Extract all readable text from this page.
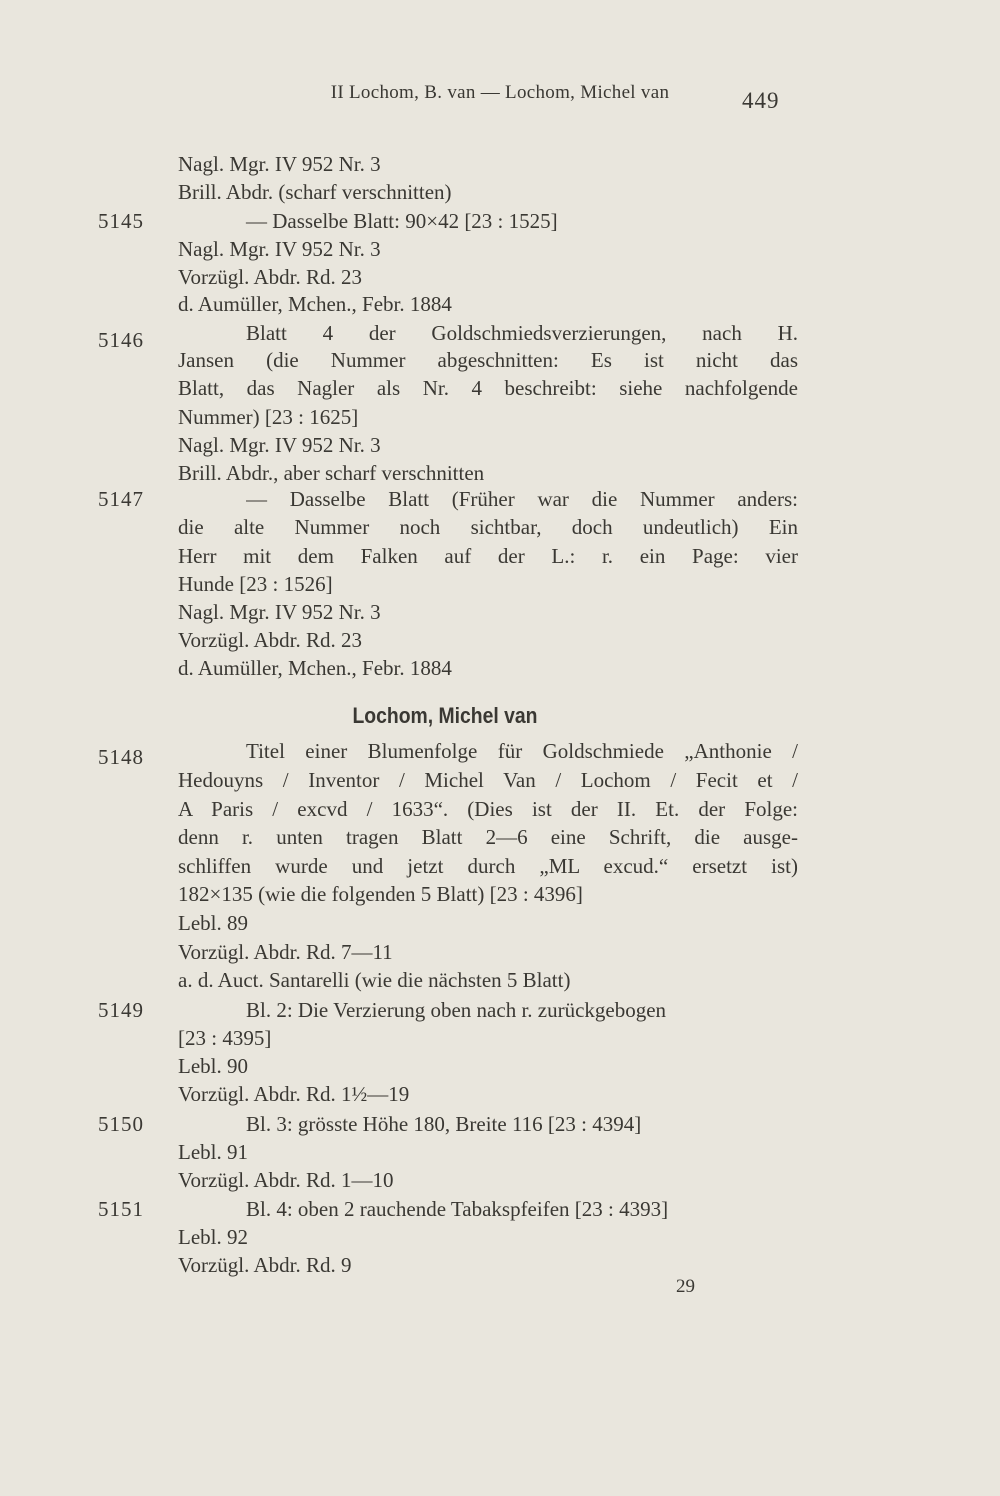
II Lochom, B. van — Lochom, Michel van	449
5145
5146
5147
5148
5149
5150
5151
Nagl. Mgr. IV 952 Nr. 3
Brill. Abdr. (scharf verschnitten)
— Dasselbe Blatt: 90×42 [23 : 1525]
Nagl. Mgr. IV 952 Nr. 3
Vorzügl. Abdr. Rd. 23
d. Aumüller, Mchen., Febr. 1884
Blatt 4 der Goldschmiedsverzierungen, nach H.
Jansen (die Nummer abgeschnitten: Es ist nicht das
Blatt, das Nagler als Nr. 4 beschreibt: siehe nachfolgende
Nummer) [23 : 1625]
Nagl. Mgr. IV 952 Nr. 3
Brill. Abdr., aber scharf verschnitten
— Dasselbe Blatt (Früher war die Nummer anders:
die alte Nummer noch sichtbar, doch undeutlich) Ein
Herr mit dem Falken auf der L.: r. ein Page: vier
Hunde [23 : 1526]
Nagl. Mgr. IV 952 Nr. 3
Vorzügl. Abdr. Rd. 23
d. Aumüller, Mchen., Febr. 1884
Lochom, Michel van
Titel einer Blumenfolge für Goldschmiede „Anthonie /
Hedouyns / Inventor / Michel Van / Lochom / Fecit et /
A Paris / excvd / 1633“. (Dies ist der II. Et. der Folge:
denn r. unten tragen Blatt 2—6 eine Schrift, die ausge-
schliffen wurde und jetzt durch „ML excud.“ ersetzt ist)
182×135 (wie die folgenden 5 Blatt) [23 : 4396]
Lebl. 89
Vorzügl. Abdr. Rd. 7—11
a. d. Auct. Santarelli (wie die nächsten 5 Blatt)
Bl. 2: Die Verzierung oben nach r. zurückgebogen
[23 : 4395]
Lebl. 90
Vorzügl. Abdr. Rd. 1½—19
Bl. 3: grösste Höhe 180, Breite 116 [23 : 4394]
Lebl. 91
Vorzügl. Abdr. Rd. 1—10
Bl. 4: oben 2 rauchende Tabakspfeifen [23 : 4393]
Lebl. 92
Vorzügl. Abdr. Rd. 9
29
